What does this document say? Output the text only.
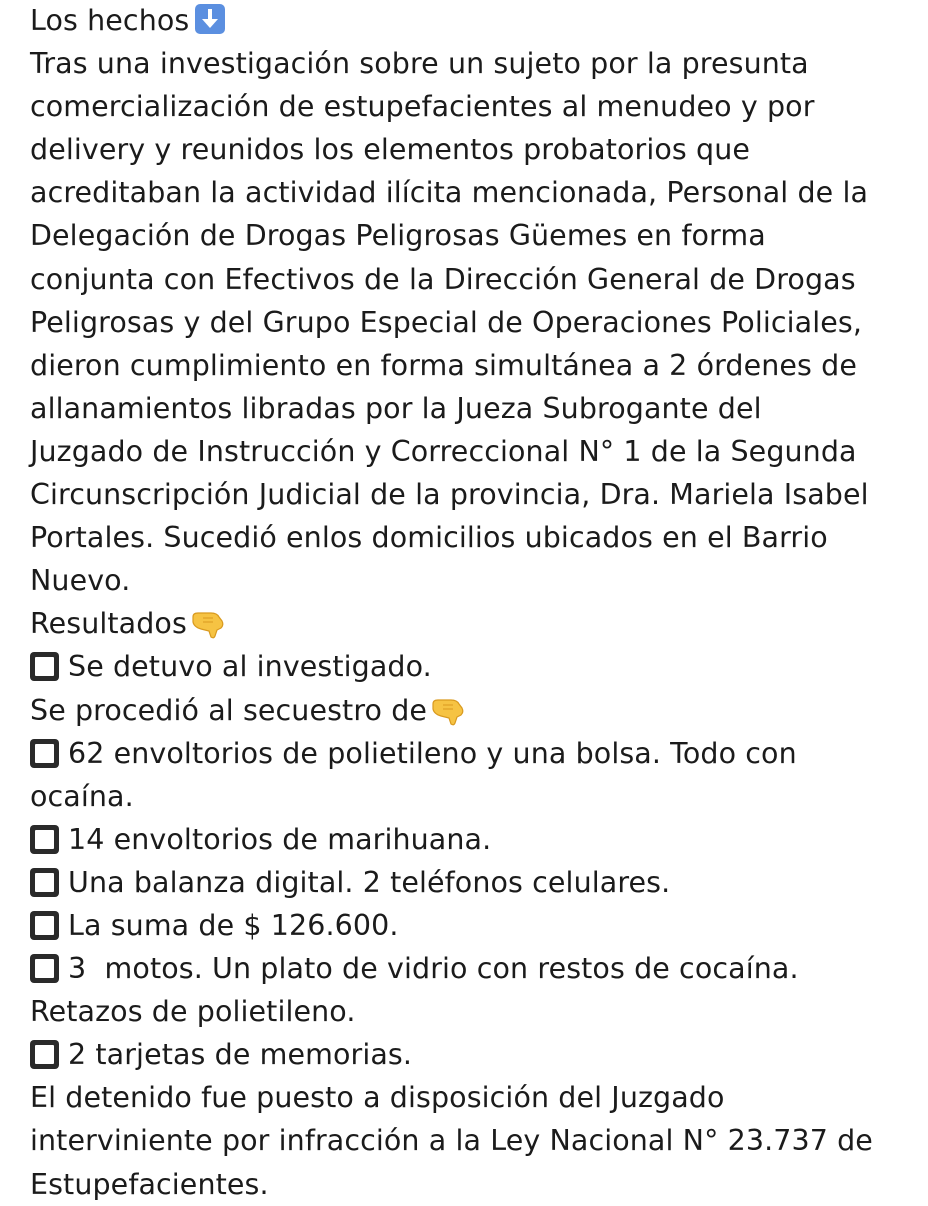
Los hechos
Tras una investigación sobre un sujeto por la presunta
comercialización de estupefacientes al menudeo y por
delivery y reunidos los elementos probatorios que
acreditaban la actividad ilícita mencionada, Personal de la
Delegación de Drogas Peligrosas Güemes en forma
conjunta con Efectivos de la Dirección General de Drogas
Peligrosas y del Grupo Especial de Operaciones Policiales,
dieron cumplimiento en forma simultánea a 2 órdenes de
allanamientos libradas por la Jueza Subrogante del
Juzgado de Instrucción y Correccional N° 1 de la Segunda
Circunscripción Judicial de la provincia, Dra. Mariela Isabel
Portales. Sucedió enlos domicilios ubicados en el Barrio
Nuevo.
Resultados
Se detuvo al investigado.
Se procedió al secuestro de
62 envoltorios de polietileno y una bolsa. Todo con
ocaína.
14 envoltorios de marihuana.
Una balanza digital. 2 teléfonos celulares.
La suma de $ 126.600.
3  motos. Un plato de vidrio con restos de cocaína.
Retazos de polietileno.
2 tarjetas de memorias.
El detenido fue puesto a disposición del Juzgado
interviniente por infracción a la Ley Nacional N° 23.737 de
Estupefacientes.
